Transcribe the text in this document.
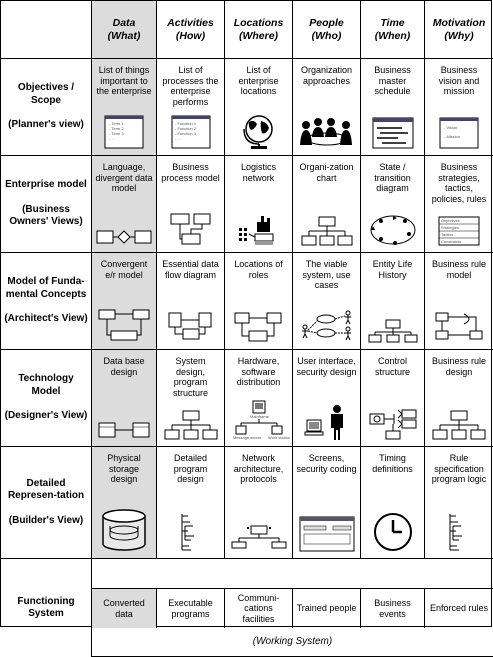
Data
(What)
Activities
(How)
Locations
(Where)
People
(Who)
Time
(When)
Motivation
(Why)
Objectives / Scope
(Planner's view)
List of things important to the enterprise
- Term 1
- Term 2
- Term 3
- ...
List of processes the enterprise performs
- Function 1
- Function 2
- Function 3
- ...
List of enterprise locations
Organization approaches
Business master schedule
Business vision and mission
- Vision
- Mission
Enterprise model
(Business Owners' Views)
Language, divergent data model
Business process model
Logistics network
Organi-zation chart
State / transition diagram
Business strategies, tactics, policies, rules
Objectives
Strategies
Tactics
Constraints
Model of Funda-mental Concepts
(Architect's View)
Convergent e/r model
Essential data flow diagram
Locations of roles
The viable system, use cases
Entity Life History
Business rule model
Technology Model
(Designer's View)
Data base design
System design, program structure
Hardware, software distribution
Mainframe
Message server Work station
User interface, security design
Control structure
Business rule design
Detailed Represen-tation
(Builder's View)
Physical storage design
Detailed program design
Network architecture, protocols
Screens, security coding
Timing definitions
Rule specification program logic
Functioning System
(Working System)
Converted data
Executable programs
Communi-cations facilities
Trained people
Business events
Enforced rules
